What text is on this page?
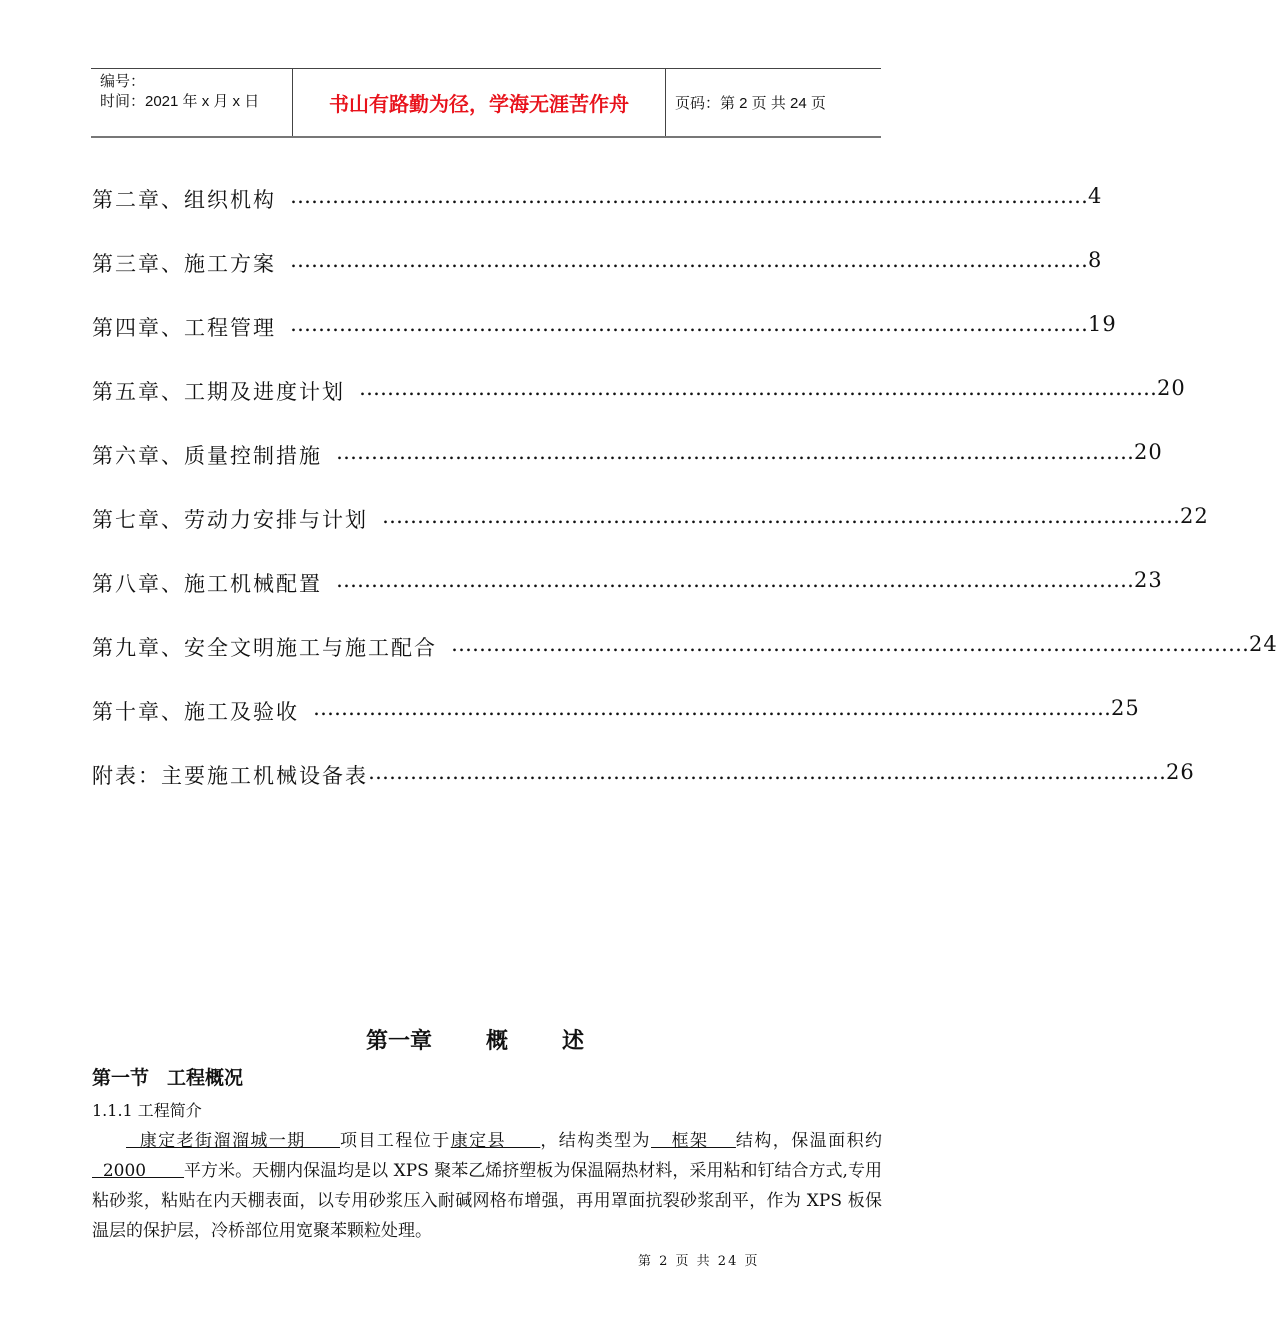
编号：
时间：2021 年 x 月 x 日	书山有路勤为径，学海无涯苦作舟	页码：第 2 页 共 24 页
第二章、组织机构 …………………………………………………………………………………………………… 4
第三章、施工方案 …………………………………………………………………………………………………… 8
第四章、工程管理 …………………………………………………………………………………………………… 19
第五章、工期及进度计划 …………………………………………………………………………………………………… 20
第六章、质量控制措施 …………………………………………………………………………………………………… 20
第七章、劳动力安排与计划 …………………………………………………………………………………………………… 22
第八章、施工机械配置 …………………………………………………………………………………………………… 23
第九章、安全文明施工与施工配合 …………………………………………………………………………………………………… 24
第十章、施工及验收 …………………………………………………………………………………………………… 25
附表：主要施工机械设备表 …………………………………………………………………………………………………… 26
第一章 概 述
第一节 工程概况
1.1.1 工程简介
    康定老街溜溜城一期     项目工程位于康定县     ，结构类型为   框架    结构，保温面积约  2000       平方米。天棚内保温均是以 XPS 聚苯乙烯挤塑板为保温隔热材料，采用粘和钉结合方式,专用粘砂浆，粘贴在内天棚表面，以专用砂浆压入耐碱网格布增强，再用罩面抗裂砂浆刮平，作为 XPS 板保温层的保护层，冷桥部位用宽聚苯颗粒处理。
第 2 页 共 24 页
